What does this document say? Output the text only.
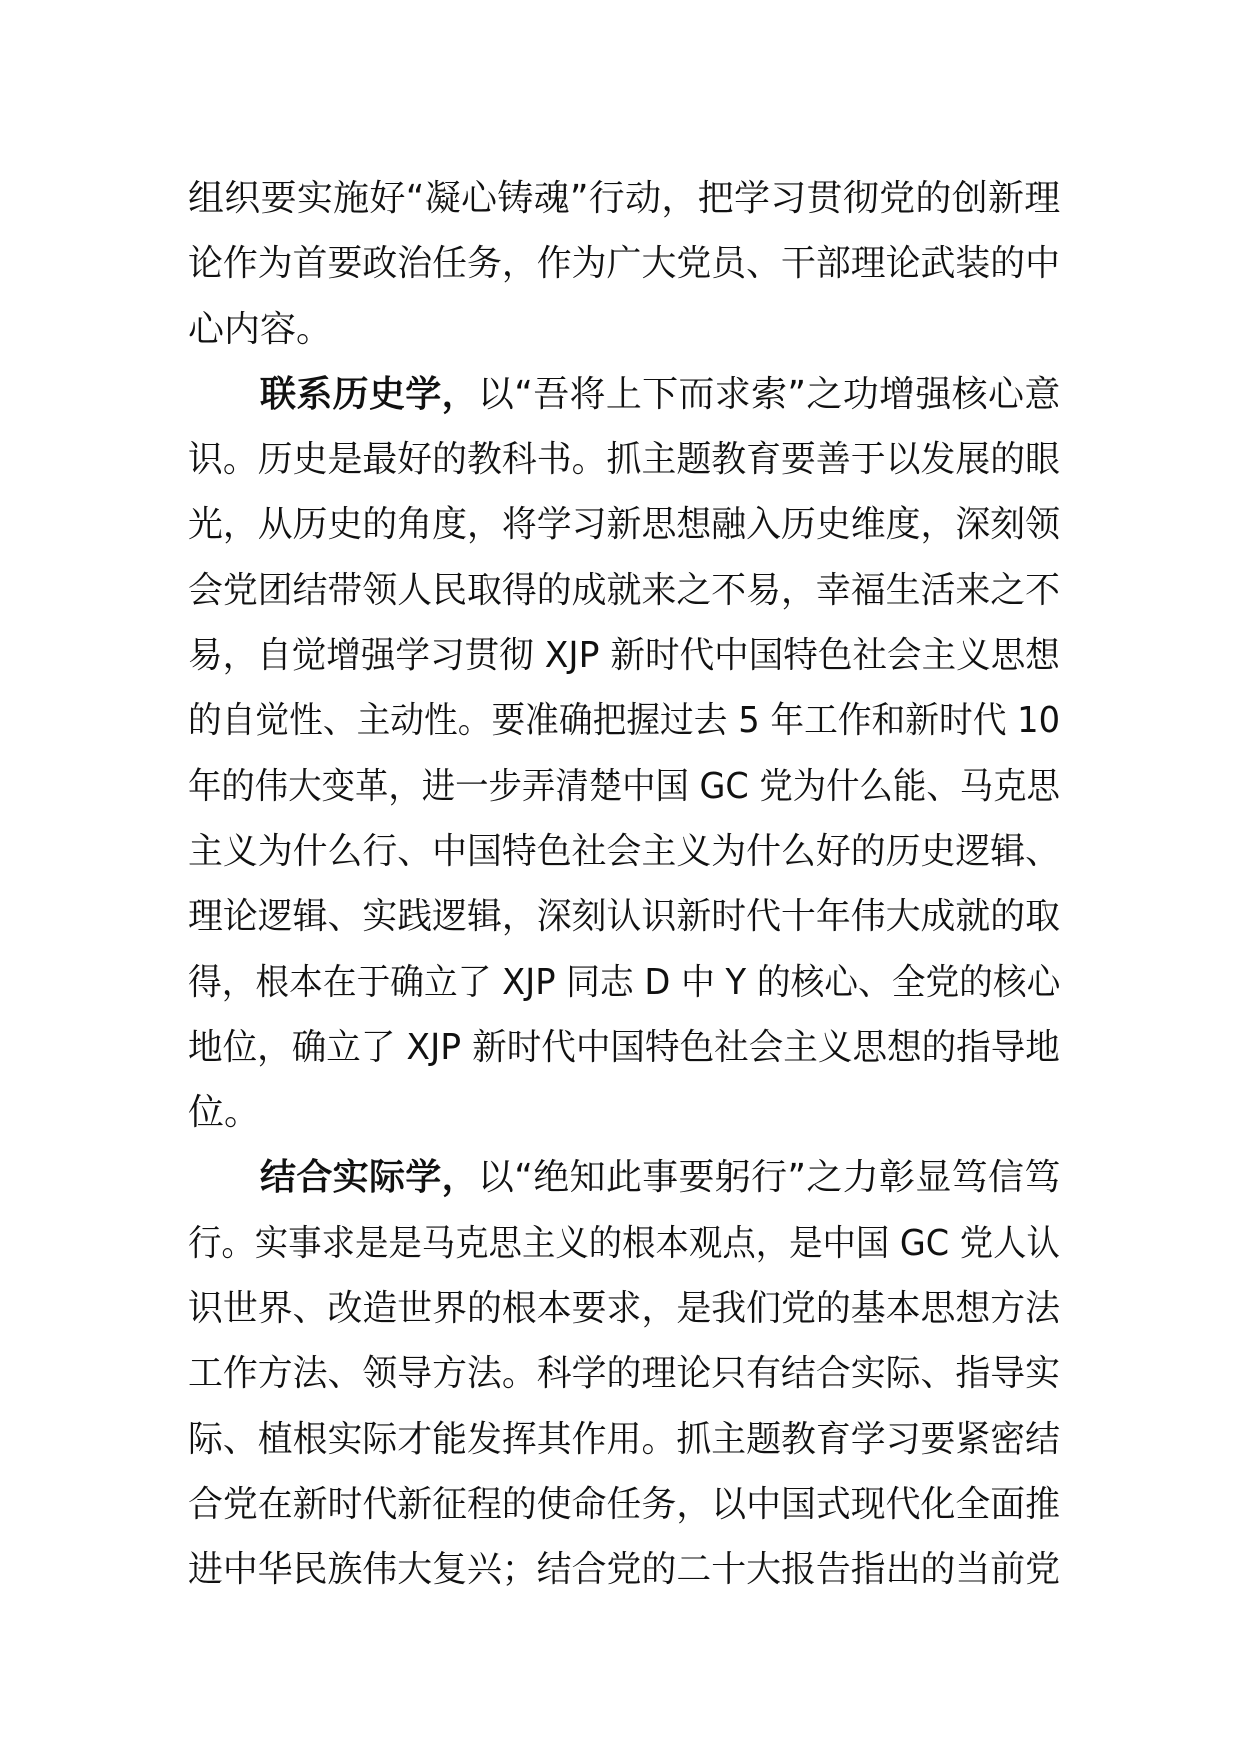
组织要实施好“凝心铸魂”行动，把学习贯彻党的创新理
论作为首要政治任务，作为广大党员、干部理论武装的中
心内容。
联系历史学，以“吾将上下而求索”之功增强核心意
识。历史是最好的教科书。抓主题教育要善于以发展的眼
光，从历史的角度，将学习新思想融入历史维度，深刻领
会党团结带领人民取得的成就来之不易，幸福生活来之不
易，自觉增强学习贯彻 XJP 新时代中国特色社会主义思想
的自觉性、主动性。要准确把握过去 5 年工作和新时代 10
年的伟大变革，进一步弄清楚中国 GC 党为什么能、马克思
主义为什么行、中国特色社会主义为什么好的历史逻辑、
理论逻辑、实践逻辑，深刻认识新时代十年伟大成就的取
得，根本在于确立了 XJP 同志 D 中 Y 的核心、全党的核心
地位，确立了 XJP 新时代中国特色社会主义思想的指导地
位。
结合实际学，以“绝知此事要躬行”之力彰显笃信笃
行。实事求是是马克思主义的根本观点，是中国 GC 党人认
识世界、改造世界的根本要求，是我们党的基本思想方法
工作方法、领导方法。科学的理论只有结合实际、指导实
际、植根实际才能发挥其作用。抓主题教育学习要紧密结
合党在新时代新征程的使命任务，以中国式现代化全面推
进中华民族伟大复兴；结合党的二十大报告指出的当前党
